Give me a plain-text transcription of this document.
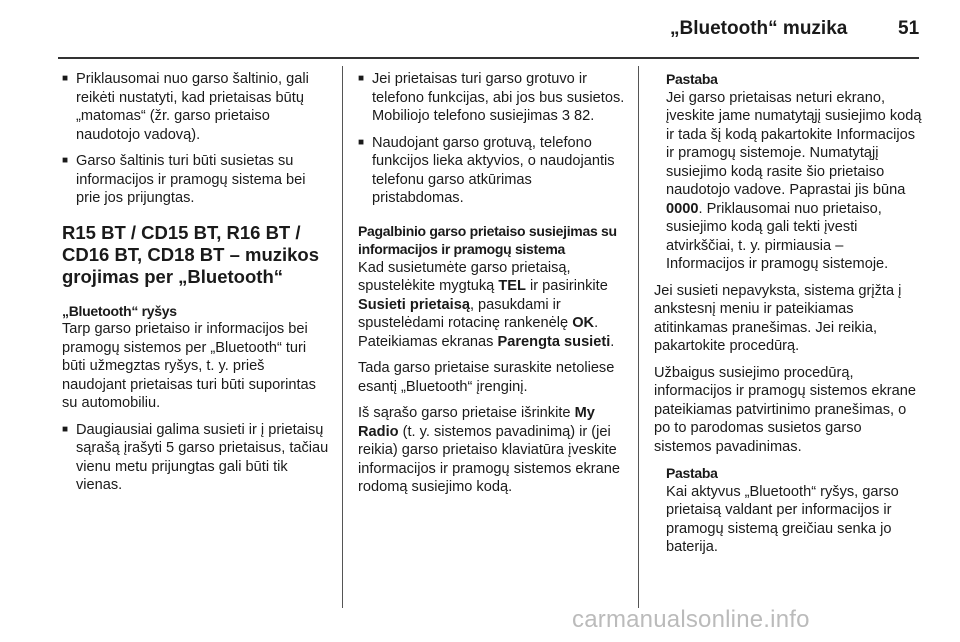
„Bluetooth“ muzika	51
■ Priklausomai nuo garso šaltinio, gali reikėti nustatyti, kad prietaisas būtų „matomas“ (žr. garso prietaiso naudotojo vadovą).
■ Garso šaltinis turi būti susietas su informacijos ir pramogų sistema bei prie jos prijungtas.
R15 BT / CD15 BT, R16 BT / CD16 BT, CD18 BT – muzikos grojimas per „Bluetooth“
„Bluetooth“ ryšys

Tarp garso prietaiso ir informacijos bei pramogų sistemos per „Bluetooth“ turi būti užmegztas ryšys, t. y. prieš naudojant prietaisas turi būti suporintas su automobiliu.

■ Daugiausiai galima susieti ir į prietaisų sąrašą įrašyti 5 garso prietaisus, tačiau vienu metu prijungtas gali būti tik vienas.
■ Jei prietaisas turi garso grotuvo ir telefono funkcijas, abi jos bus susietos. Mobiliojo telefono susiejimas 3 82.
■ Naudojant garso grotuvą, telefono funkcijos lieka aktyvios, o naudojantis telefonu garso atkūrimas pristabdomas.
Pagalbinio garso prietaiso susiejimas su informacijos ir pramogų sistema

Kad susietumėte garso prietaisą, spustelėkite mygtuką TEL ir pasirinkite Susieti prietaisą, pasukdami ir spustelėdami rotacinę rankenėlę OK. Pateikiamas ekranas Parengta susieti.

Tada garso prietaise suraskite netoliese esantį „Bluetooth“ įrenginį.

Iš sąrašo garso prietaise išrinkite My Radio (t. y. sistemos pavadinimą) ir (jei reikia) garso prietaiso klaviatūra įveskite informacijos ir pramogų sistemos ekrane rodomą susiejimo kodą.

Pastaba
Jei garso prietaisas neturi ekrano, įveskite jame numatytąjį susiejimo kodą ir tada šį kodą pakartokite Informacijos ir pramogų sistemoje. Numatytąjį susiejimo kodą rasite šio prietaiso naudotojo vadove. Paprastai jis būna 0000. Priklausomai nuo prietaiso, susiejimo kodą gali tekti įvesti atvirkščiai, t. y. pirmiausia – Informacijos ir pramogų sistemoje.

Jei susieti nepavyksta, sistema grįžta į ankstesnį meniu ir pateikiamas atitinkamas pranešimas. Jei reikia, pakartokite procedūrą.

Užbaigus susiejimo procedūrą, informacijos ir pramogų sistemos ekrane pateikiamas patvirtinimo pranešimas, o po to parodomas susietos garso sistemos pavadinimas.

Pastaba
Kai aktyvus „Bluetooth“ ryšys, garso prietaisą valdant per informacijos ir pramogų sistemą greičiau senka jo baterija.
carmanualsonline.info
